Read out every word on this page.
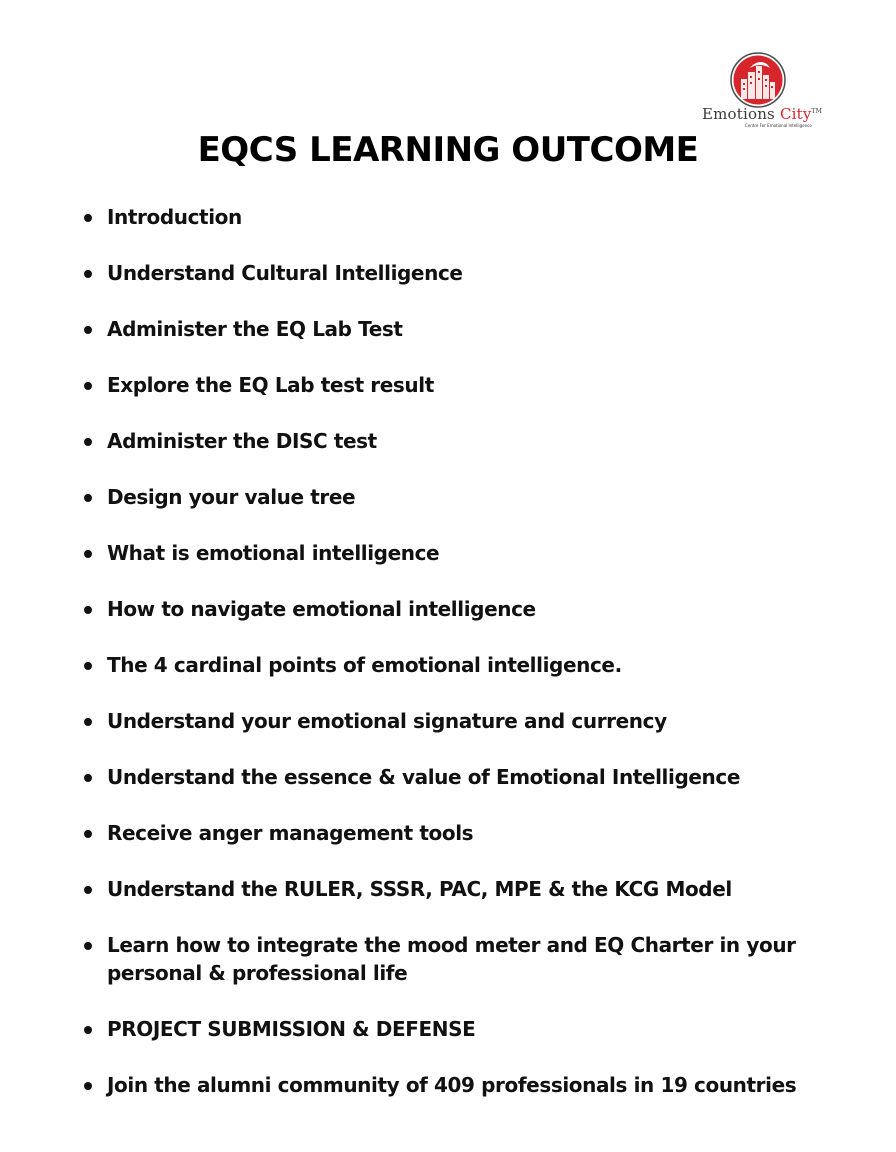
Emotions City™
Centre For Emotional Intelligence
EQCS LEARNING OUTCOME
Introduction
Understand Cultural Intelligence
Administer the EQ Lab Test
Explore the EQ Lab test result
Administer the DISC test
Design your value tree
What is emotional intelligence
How to navigate emotional intelligence
The 4 cardinal points of emotional intelligence.
Understand your emotional signature and currency
Understand the essence & value of Emotional Intelligence
Receive anger management tools
Understand the RULER, SSSR, PAC, MPE & the KCG Model
Learn how to integrate the mood meter and EQ Charter in your personal & professional life
PROJECT SUBMISSION & DEFENSE
Join the alumni community of 409 professionals in 19 countries
